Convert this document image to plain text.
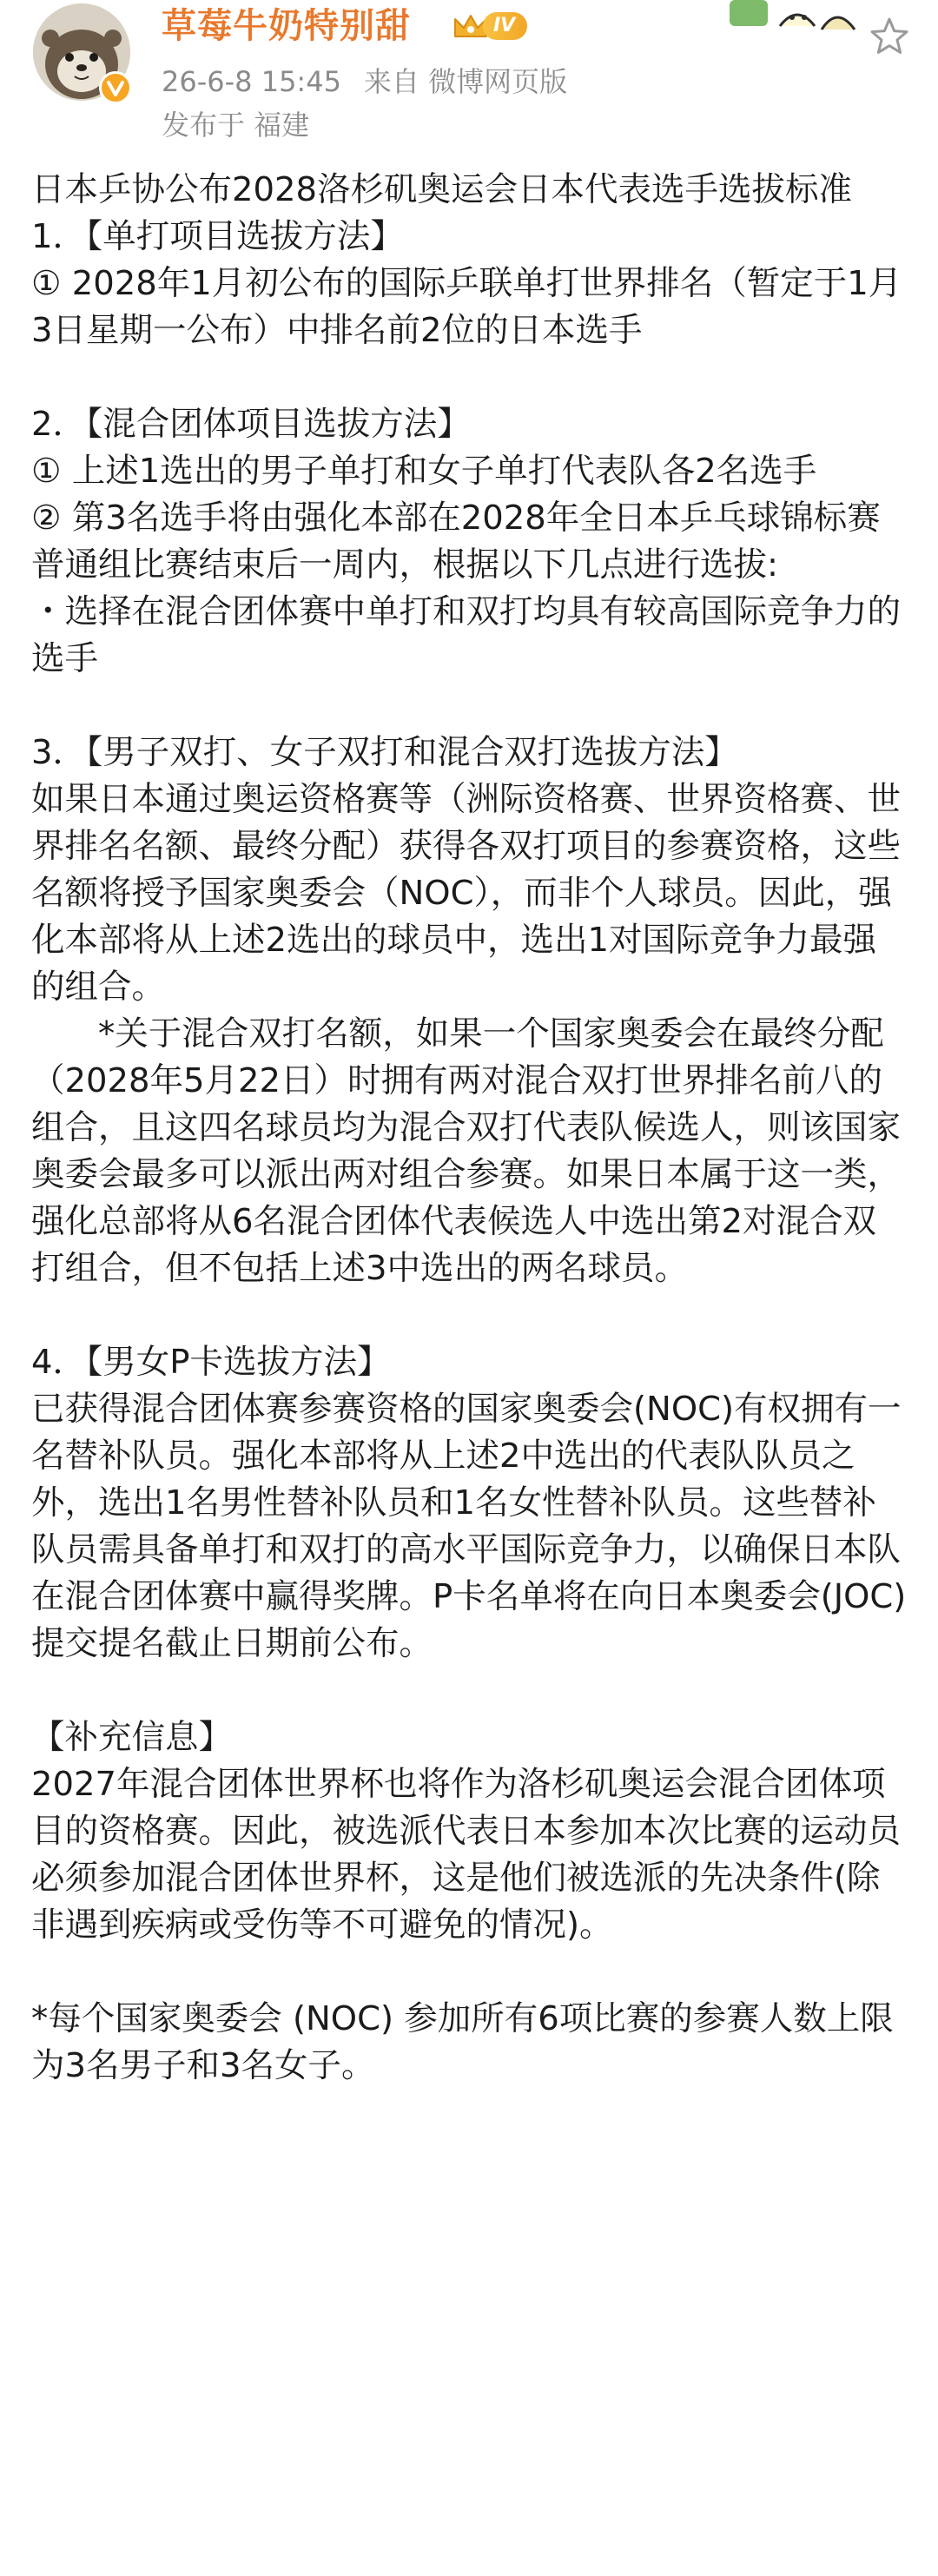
草莓牛奶特别甜	IV
26-6-8 15:45 来自 微博网页版
发布于 福建

日本乒协公布2028洛杉矶奥运会日本代表选手选拔标准

1．【单打项目选拔方法】

① 2028年1月初公布的国际乒联单打世界排名（暂定于1月3日星期一公布）中排名前2位的日本选手

2．【混合团体项目选拔方法】

① 上述1选出的男子单打和女子单打代表队各2名选手

② 第3名选手将由强化本部在2028年全日本乒乓球锦标赛普通组比赛结束后一周内，根据以下几点进行选拔:

・选择在混合团体赛中单打和双打均具有较高国际竞争力的选手

3．【男子双打、女子双打和混合双打选拔方法】

如果日本通过奥运资格赛等（洲际资格赛、世界资格赛、世界排名名额、最终分配）获得各双打项目的参赛资格，这些名额将授予国家奥委会（NOC），而非个人球员。因此，强化本部将从上述2选出的球员中，选出1对国际竞争力最强的组合。

*关于混合双打名额，如果一个国家奥委会在最终分配（2028年5月22日）时拥有两对混合双打世界排名前八的组合，且这四名球员均为混合双打代表队候选人，则该国家奥委会最多可以派出两对组合参赛。如果日本属于这一类，强化总部将从6名混合团体代表候选人中选出第2对混合双打组合，但不包括上述3中选出的两名球员。

4．【男女P卡选拔方法】

已获得混合团体赛参赛资格的国家奥委会(NOC)有权拥有一名替补队员。强化本部将从上述2中选出的代表队队员之外，选出1名男性替补队员和1名女性替补队员。这些替补队员需具备单打和双打的高水平国际竞争力，以确保日本队在混合团体赛中赢得奖牌。P卡名单将在向日本奥委会(JOC)提交提名截止日期前公布。

【补充信息】

2027年混合团体世界杯也将作为洛杉矶奥运会混合团体项目的资格赛。因此，被选派代表日本参加本次比赛的运动员必须参加混合团体世界杯，这是他们被选派的先决条件(除非遇到疾病或受伤等不可避免的情况)。

*每个国家奥委会 (NOC) 参加所有6项比赛的参赛人数上限为3名男子和3名女子。
